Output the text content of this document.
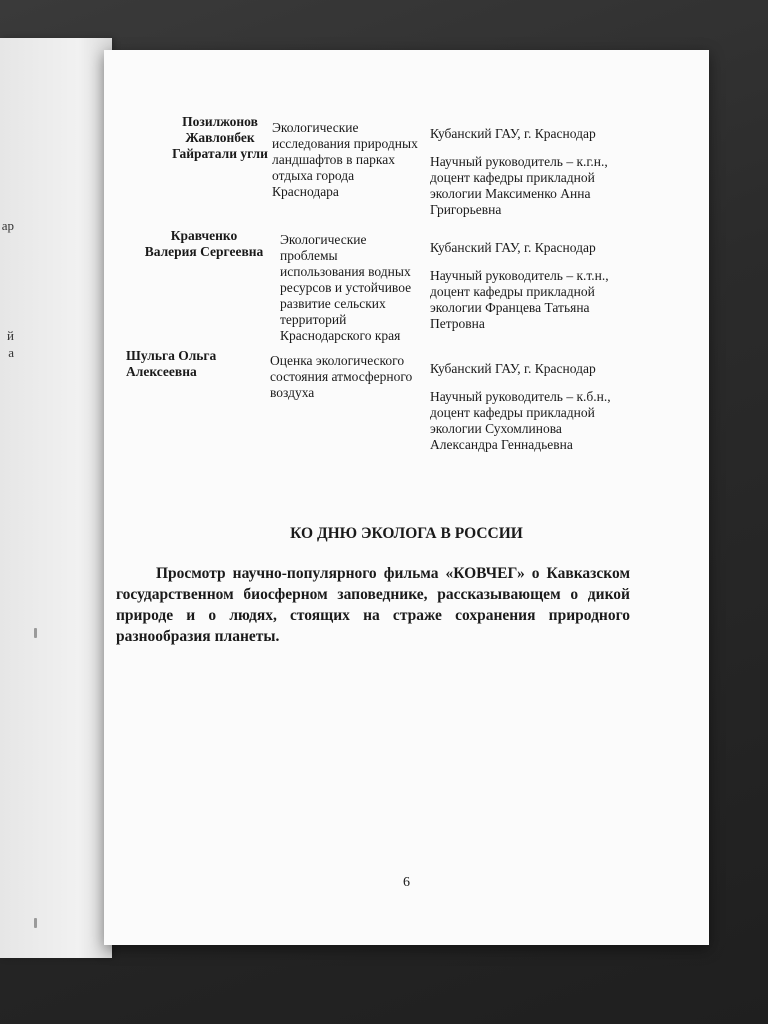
ар
й
а
Позилжонов Жавлонбек Гайратали угли
Экологические исследования природных ландшафтов в парках отдыха города Краснодара
Кубанский ГАУ, г. Краснодар
Научный руководитель – к.г.н., доцент кафедры прикладной экологии Максименко Анна Григорьевна
Кравченко Валерия Сергеевна
Экологические проблемы использования водных ресурсов и устойчивое развитие сельских территорий Краснодарского края
Кубанский ГАУ, г. Краснодар
Научный руководитель – к.т.н., доцент кафедры прикладной экологии Францева Татьяна Петровна
Шульга Ольга Алексеевна
Оценка экологического состояния атмосферного воздуха
Кубанский ГАУ, г. Краснодар
Научный руководитель – к.б.н., доцент кафедры прикладной экологии Сухомлинова Александра Геннадьевна
КО ДНЮ ЭКОЛОГА В РОССИИ
Просмотр научно-популярного фильма «КОВЧЕГ» о Кавказском государственном биосферном заповеднике, рассказывающем о дикой природе и о людях, стоящих на страже сохранения природного разнообразия планеты.
6
